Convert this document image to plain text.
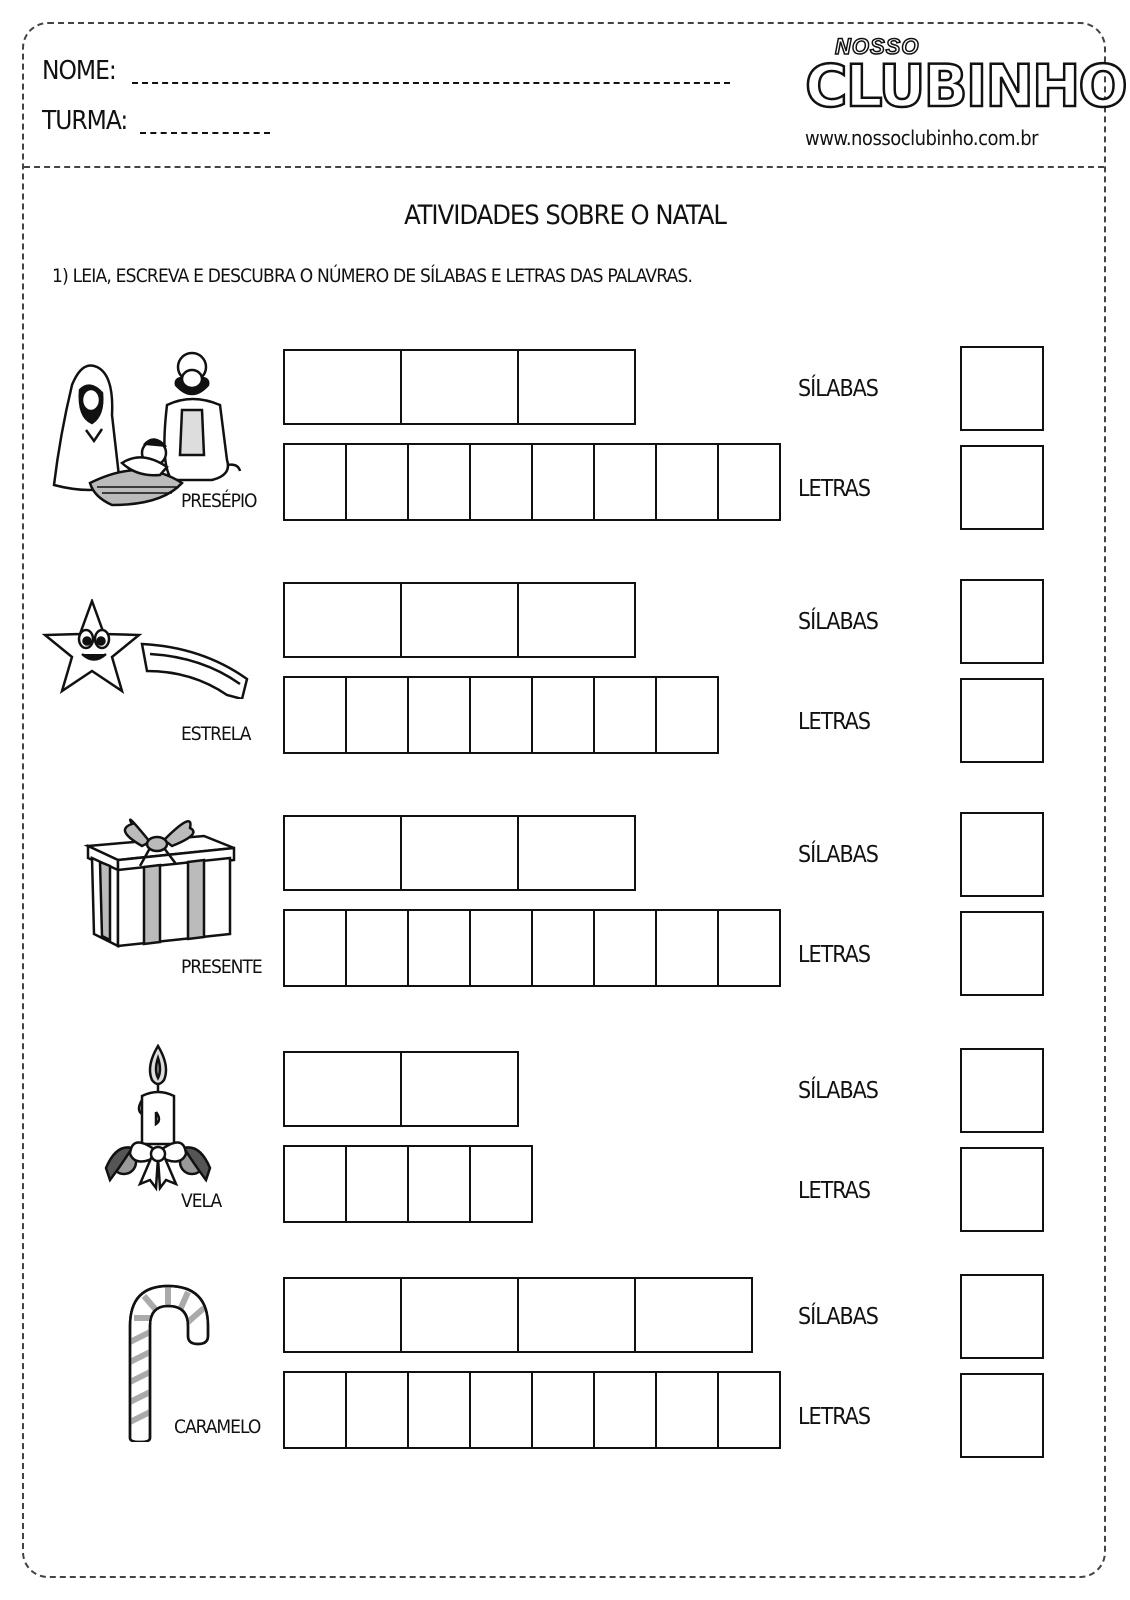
NOME:
TURMA:
NOSSO
CLUBINHO
www.nossoclubinho.com.br
ATIVIDADES SOBRE O NATAL
1) LEIA, ESCREVA E DESCUBRA O NÚMERO DE SÍLABAS E LETRAS DAS PALAVRAS.
PRESÉPIO
SÍLABAS
LETRAS
ESTRELA
SÍLABAS
LETRAS
PRESENTE
SÍLABAS
LETRAS
VELA
SÍLABAS
LETRAS
CARAMELO
SÍLABAS
LETRAS
